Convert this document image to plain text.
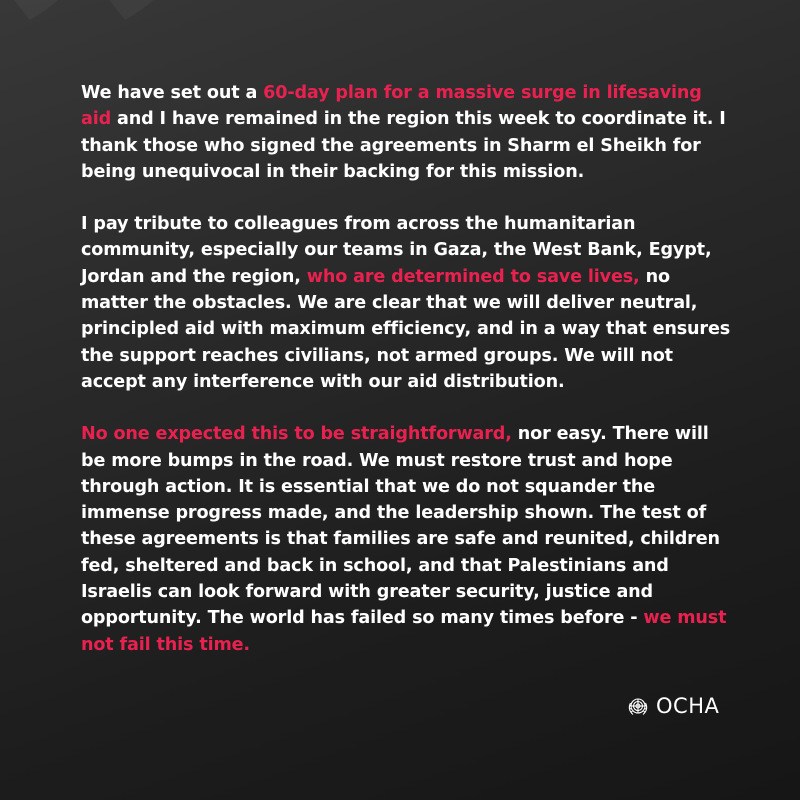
We have set out a 60-day plan for a massive surge in lifesaving aid and I have remained in the region this week to coordinate it. I thank those who signed the agreements in Sharm el Sheikh for being unequivocal in their backing for this mission.

I pay tribute to colleagues from across the humanitarian community, especially our teams in Gaza, the West Bank, Egypt, Jordan and the region, who are determined to save lives, no matter the obstacles. We are clear that we will deliver neutral, principled aid with maximum efficiency, and in a way that ensures the support reaches civilians, not armed groups. We will not accept any interference with our aid distribution.

No one expected this to be straightforward, nor easy. There will be more bumps in the road. We must restore trust and hope through action. It is essential that we do not squander the immense progress made, and the leadership shown. The test of these agreements is that families are safe and reunited, children fed, sheltered and back in school, and that Palestinians and Israelis can look forward with greater security, justice and opportunity. The world has failed so many times before - we must not fail this time.

OCHA
